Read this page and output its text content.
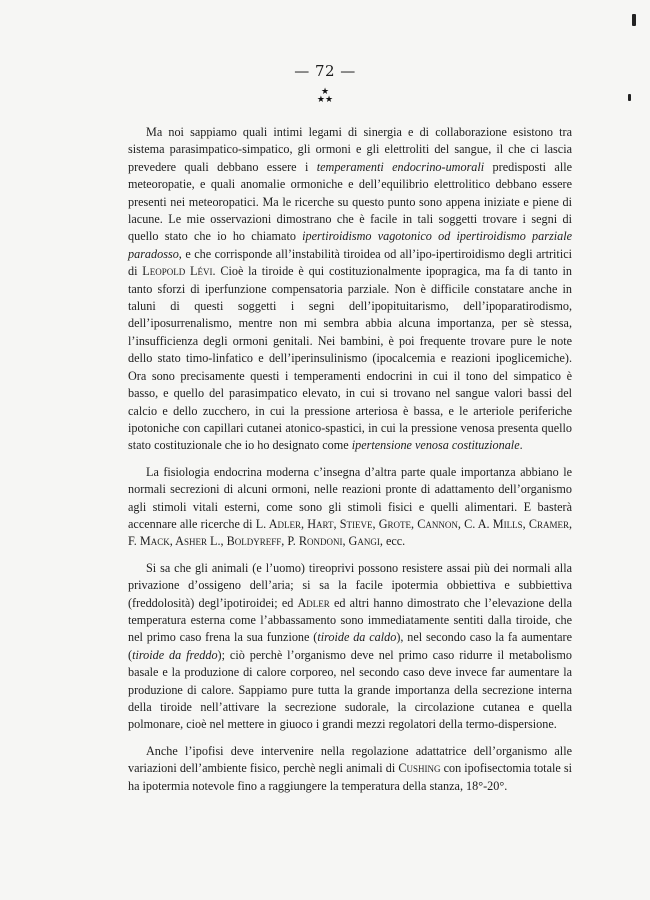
— 72 —
★
★★

Ma noi sappiamo quali intimi legami di sinergia e di collaborazione esistono tra sistema parasimpatico-simpatico, gli ormoni e gli elettroliti del sangue, il che ci lascia prevedere quali debbano essere i temperamenti endocrino-umorali predisposti alle meteoropatie, e quali anomalie ormoniche e dell’equilibrio elettrolitico debbano essere presenti nei meteoropatici. Ma le ricerche su questo punto sono appena iniziate e piene di lacune. Le mie osservazioni dimostrano che è facile in tali soggetti trovare i segni di quello stato che io ho chiamato ipertiroidismo vagotonico od ipertiroidismo parziale paradosso, e che corrisponde all’instabilità tiroidea od all’ipo-ipertiroidismo degli artritici di Leopold Lévi. Cioè la tiroide è qui costituzionalmente ipopragica, ma fa di tanto in tanto sforzi di iperfunzione compensatoria parziale. Non è difficile constatare anche in taluni di questi soggetti i segni dell’ipopituitarismo, dell’ipoparatirodismo, dell’iposurrenalismo, mentre non mi sembra abbia alcuna importanza, per sè stessa, l’insufficienza degli ormoni genitali. Nei bambini, è poi frequente trovare pure le note dello stato timo-linfatico e dell’iperinsulinismo (ipocalcemia e reazioni ipoglicemiche). Ora sono precisamente questi i temperamenti endocrini in cui il tono del simpatico è basso, e quello del parasimpatico elevato, in cui si trovano nel sangue valori bassi del calcio e dello zucchero, in cui la pressione arteriosa è bassa, e le arteriole periferiche ipotoniche con capillari cutanei atonico-spastici, in cui la pressione venosa presenta quello stato costituzionale che io ho designato come ipertensione venosa costituzionale.

La fisiologia endocrina moderna c’insegna d’altra parte quale importanza abbiano le normali secrezioni di alcuni ormoni, nelle reazioni pronte di adattamento dell’organismo agli stimoli vitali esterni, come sono gli stimoli fisici e quelli alimentari. E basterà accennare alle ricerche di L. Adler, Hart, Stieve, Grote, Cannon, C. A. Mills, Cramer, F. Mack, Asher L., Boldyreff, P. Rondoni, Gangi, ecc.

Si sa che gli animali (e l’uomo) tireoprivi possono resistere assai più dei normali alla privazione d’ossigeno dell’aria; si sa la facile ipotermia obbiettiva e subbiettiva (freddolosità) degl’ipotiroidei; ed Adler ed altri hanno dimostrato che l’elevazione della temperatura esterna come l’abbassamento sono immediatamente sentiti dalla tiroide, che nel primo caso frena la sua funzione (tiroide da caldo), nel secondo caso la fa aumentare (tiroide da freddo); ciò perchè l’organismo deve nel primo caso ridurre il metabolismo basale e la produzione di calore corporeo, nel secondo caso deve invece far aumentare la produzione di calore. Sappiamo pure tutta la grande importanza della secrezione interna della tiroide nell’attivare la secrezione sudorale, la circolazione cutanea e quella polmonare, cioè nel mettere in giuoco i grandi mezzi regolatori della termo-dispersione.

Anche l’ipofisi deve intervenire nella regolazione adattatrice dell’organismo alle variazioni dell’ambiente fisico, perchè negli animali di Cushing con ipofisectomia totale si ha ipotermia notevole fino a raggiungere la temperatura della stanza, 18°-20°.
